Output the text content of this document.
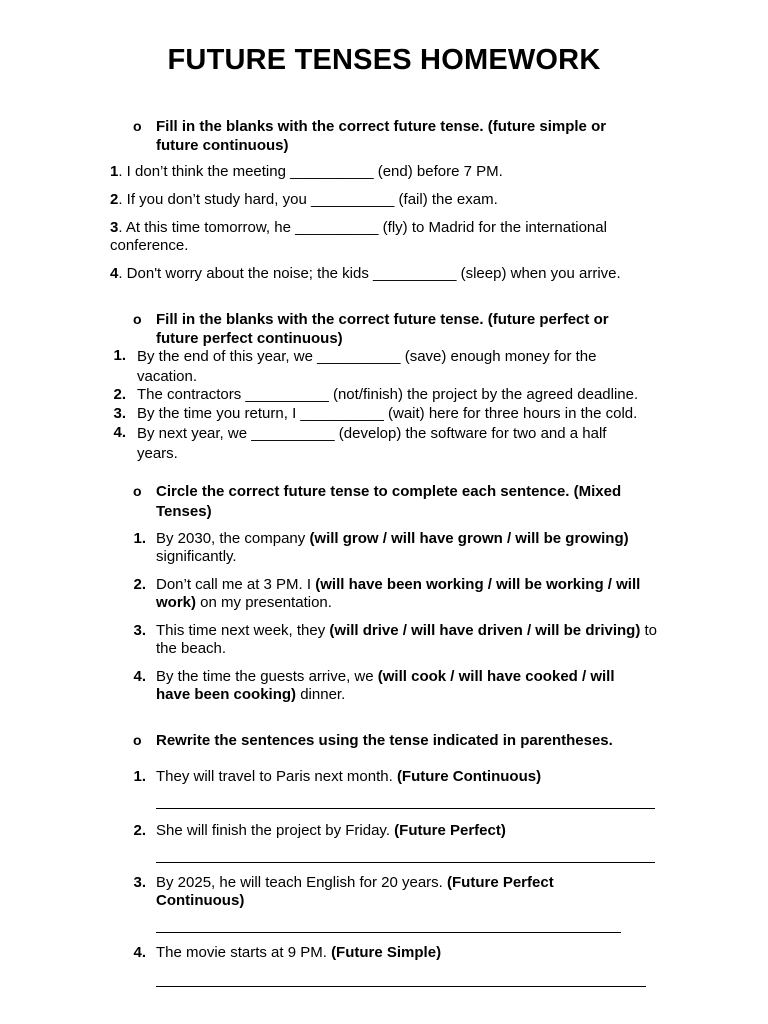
FUTURE TENSES HOMEWORK
o Fill in the blanks with the correct future tense. (future simple or future continuous)
1. I don’t think the meeting __________ (end) before 7 PM.
2. If you don’t study hard, you __________ (fail) the exam.
3. At this time tomorrow, he __________ (fly) to Madrid for the international conference.
4. Don't worry about the noise; the kids __________ (sleep) when you arrive.
o Fill in the blanks with the correct future tense. (future perfect or future perfect continuous)
1. By the end of this year, we __________ (save) enough money for the vacation.
2. The contractors __________ (not/finish) the project by the agreed deadline.
3. By the time you return, I __________ (wait) here for three hours in the cold.
4. By next year, we __________ (develop) the software for two and a half years.
o Circle the correct future tense to complete each sentence. (Mixed Tenses)
1. By 2030, the company (will grow / will have grown / will be growing) significantly.
2. Don’t call me at 3 PM. I (will have been working / will be working / will work) on my presentation.
3. This time next week, they (will drive / will have driven / will be driving) to the beach.
4. By the time the guests arrive, we (will cook / will have cooked / will have been cooking) dinner.
o Rewrite the sentences using the tense indicated in parentheses.
1. They will travel to Paris next month. (Future Continuous)
2. She will finish the project by Friday. (Future Perfect)
3. By 2025, he will teach English for 20 years. (Future Perfect Continuous)
4. The movie starts at 9 PM. (Future Simple)
